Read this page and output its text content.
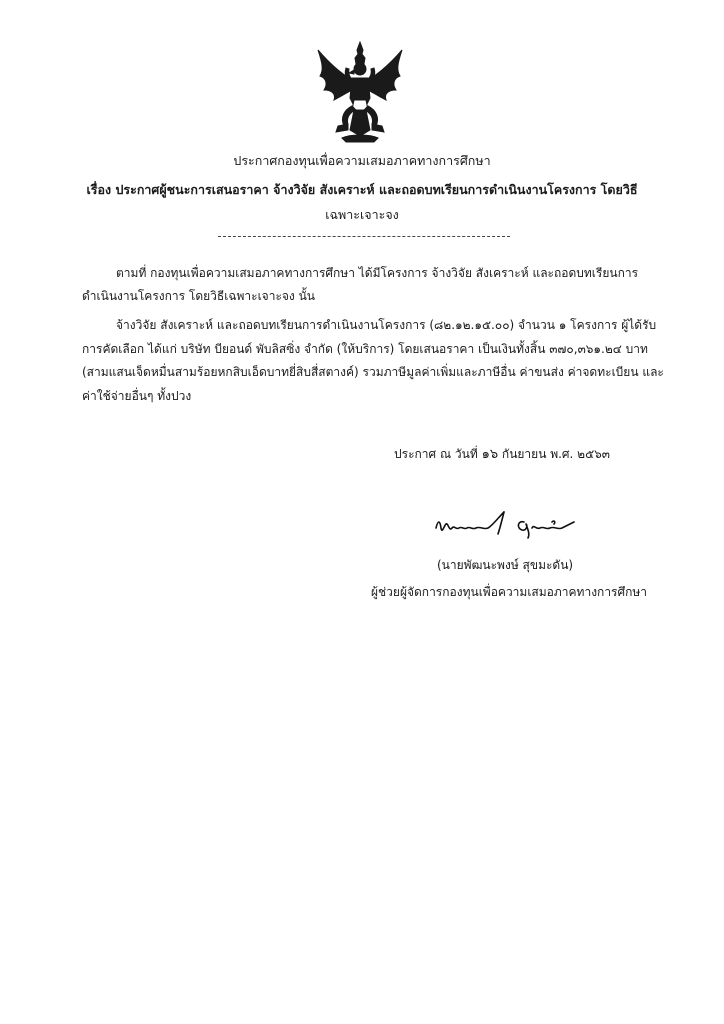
ประกาศกองทุนเพื่อความเสมอภาคทางการศึกษา
เรื่อง ประกาศผู้ชนะการเสนอราคา จ้างวิจัย สังเคราะห์ และถอดบทเรียนการดำเนินงานโครงการ โดยวิธี
เฉพาะเจาะจง
ตามที่ กองทุนเพื่อความเสมอภาคทางการศึกษา ได้มีโครงการ จ้างวิจัย สังเคราะห์ และถอดบทเรียนการ
ดำเนินงานโครงการ โดยวิธีเฉพาะเจาะจง นั้น
จ้างวิจัย สังเคราะห์ และถอดบทเรียนการดำเนินงานโครงการ (๘๒.๑๒.๑๕.๐๐) จำนวน ๑ โครงการ ผู้ได้รับ
การคัดเลือก ได้แก่ บริษัท บียอนด์ พับลิสซิ่ง จำกัด (ให้บริการ) โดยเสนอราคา เป็นเงินทั้งสิ้น ๓๗๐,๓๖๑.๒๔ บาท
(สามแสนเจ็ดหมื่นสามร้อยหกสิบเอ็ดบาทยี่สิบสี่สตางค์) รวมภาษีมูลค่าเพิ่มและภาษีอื่น ค่าขนส่ง ค่าจดทะเบียน และ
ค่าใช้จ่ายอื่นๆ ทั้งปวง
ประกาศ ณ วันที่ ๑๖ กันยายน พ.ศ. ๒๕๖๓
(นายพัฒนะพงษ์ สุขมะดัน)
ผู้ช่วยผู้จัดการกองทุนเพื่อความเสมอภาคทางการศึกษา
